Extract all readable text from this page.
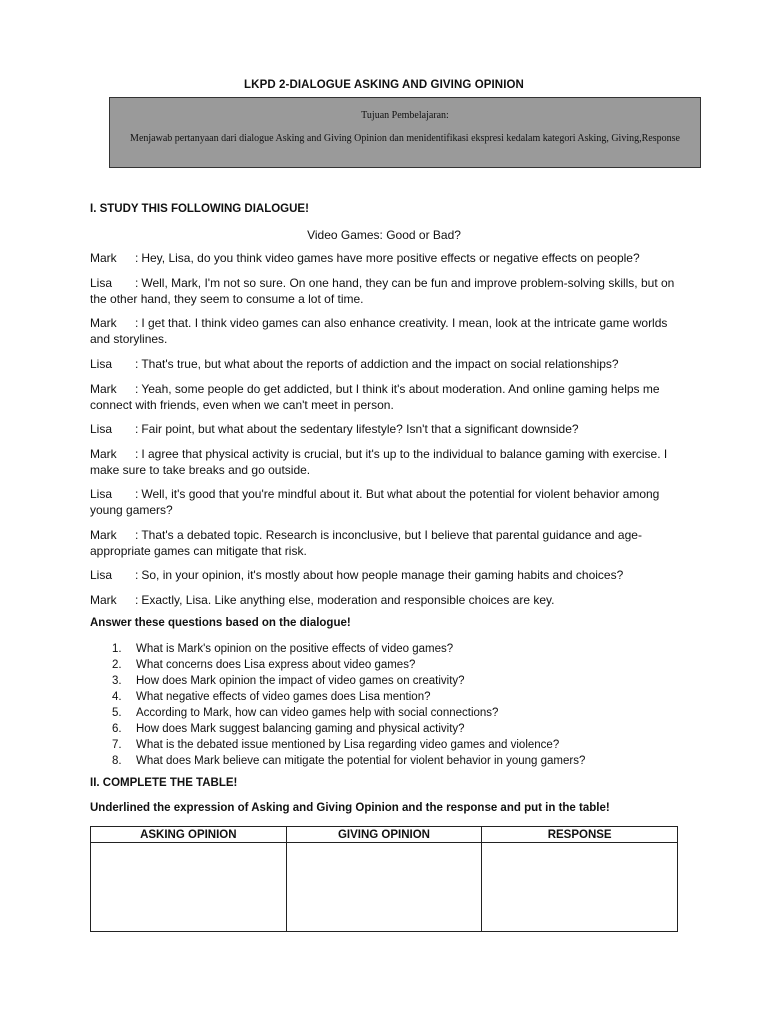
LKPD 2-DIALOGUE ASKING AND GIVING OPINION
Tujuan Pembelajaran:
Menjawab pertanyaan dari dialogue Asking and Giving Opinion dan menidentifikasi ekspresi kedalam kategori Asking, Giving,Response
I. STUDY THIS FOLLOWING DIALOGUE!
Video Games: Good or Bad?
Mark : Hey, Lisa, do you think video games have more positive effects or negative effects on people?
Lisa : Well, Mark, I'm not so sure. On one hand, they can be fun and improve problem-solving skills, but on the other hand, they seem to consume a lot of time.
Mark : I get that. I think video games can also enhance creativity. I mean, look at the intricate game worlds and storylines.
Lisa : That's true, but what about the reports of addiction and the impact on social relationships?
Mark : Yeah, some people do get addicted, but I think it's about moderation. And online gaming helps me connect with friends, even when we can't meet in person.
Lisa : Fair point, but what about the sedentary lifestyle? Isn't that a significant downside?
Mark : I agree that physical activity is crucial, but it's up to the individual to balance gaming with exercise. I make sure to take breaks and go outside.
Lisa : Well, it's good that you're mindful about it. But what about the potential for violent behavior among young gamers?
Mark : That's a debated topic. Research is inconclusive, but I believe that parental guidance and age-appropriate games can mitigate that risk.
Lisa : So, in your opinion, it's mostly about how people manage their gaming habits and choices?
Mark : Exactly, Lisa. Like anything else, moderation and responsible choices are key.
Answer these questions based on the dialogue!
1. What is Mark's opinion on the positive effects of video games?
2. What concerns does Lisa express about video games?
3. How does Mark opinion the impact of video games on creativity?
4. What negative effects of video games does Lisa mention?
5. According to Mark, how can video games help with social connections?
6. How does Mark suggest balancing gaming and physical activity?
7. What is the debated issue mentioned by Lisa regarding video games and violence?
8. What does Mark believe can mitigate the potential for violent behavior in young gamers?
II. COMPLETE THE TABLE!
Underlined the expression of Asking and Giving Opinion and the response and put in the table!
ASKING OPINION	GIVING OPINION	RESPONSE
